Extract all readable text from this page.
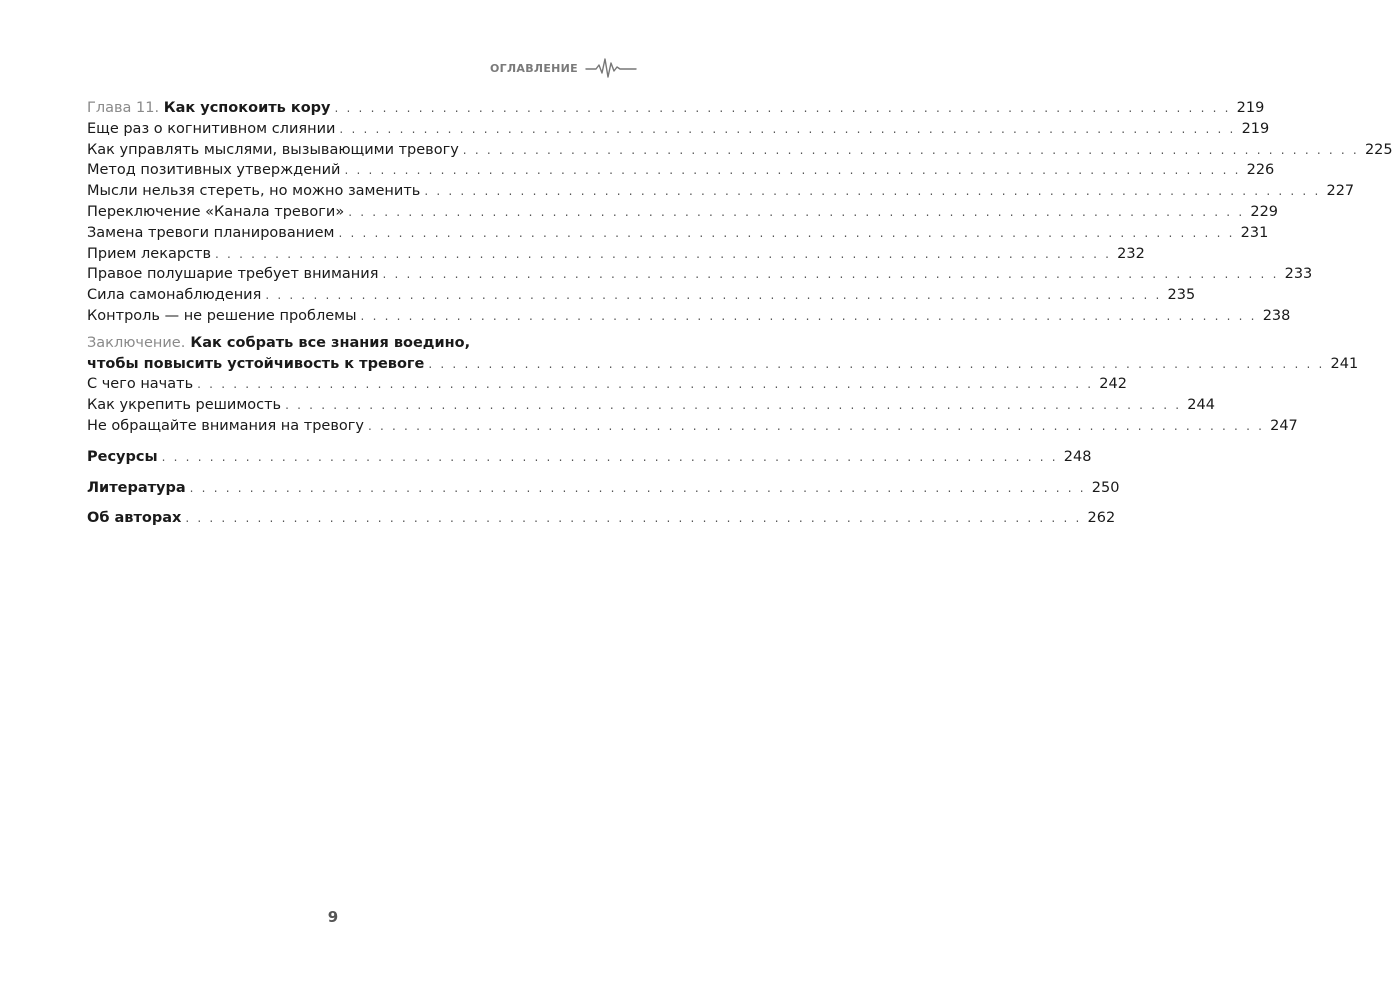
ОГЛАВЛЕНИЕ
Глава 11. Как успокоить кору . . . . . . . . . . . . . . . . . . . . . . . . . . . . . . . . . . . . . . . . . . . . . . . . . . . . . . . . . . . . . . . . . . . . . . . . . . . 219
Еще раз о когнитивном слиянии . . . . . . . . . . . . . . . . . . . . . . . . . . . . . . . . . . . . . . . . . . . . . . . . . . . . . . . . . . . . . . . . . . . . . . . . . . . 219
Как управлять мыслями, вызывающими тревогу . . . . . . . . . . . . . . . . . . . . . . . . . . . . . . . . . . . . . . . . . . . . . . . . . . . . . . . . . . . . . . . . . . . . . . . . . . . 225
Метод позитивных утверждений . . . . . . . . . . . . . . . . . . . . . . . . . . . . . . . . . . . . . . . . . . . . . . . . . . . . . . . . . . . . . . . . . . . . . . . . . . . 226
Мысли нельзя стереть, но можно заменить . . . . . . . . . . . . . . . . . . . . . . . . . . . . . . . . . . . . . . . . . . . . . . . . . . . . . . . . . . . . . . . . . . . . . . . . . . . 227
Переключение «Канала тревоги» . . . . . . . . . . . . . . . . . . . . . . . . . . . . . . . . . . . . . . . . . . . . . . . . . . . . . . . . . . . . . . . . . . . . . . . . . . . 229
Замена тревоги планированием . . . . . . . . . . . . . . . . . . . . . . . . . . . . . . . . . . . . . . . . . . . . . . . . . . . . . . . . . . . . . . . . . . . . . . . . . . . 231
Прием лекарств . . . . . . . . . . . . . . . . . . . . . . . . . . . . . . . . . . . . . . . . . . . . . . . . . . . . . . . . . . . . . . . . . . . . . . . . . . . 232
Правое полушарие требует внимания . . . . . . . . . . . . . . . . . . . . . . . . . . . . . . . . . . . . . . . . . . . . . . . . . . . . . . . . . . . . . . . . . . . . . . . . . . . 233
Сила самонаблюдения . . . . . . . . . . . . . . . . . . . . . . . . . . . . . . . . . . . . . . . . . . . . . . . . . . . . . . . . . . . . . . . . . . . . . . . . . . . 235
Контроль — не решение проблемы . . . . . . . . . . . . . . . . . . . . . . . . . . . . . . . . . . . . . . . . . . . . . . . . . . . . . . . . . . . . . . . . . . . . . . . . . . . 238
Заключение. Как собрать все знания воедино,
чтобы повысить устойчивость к тревоге . . . . . . . . . . . . . . . . . . . . . . . . . . . . . . . . . . . . . . . . . . . . . . . . . . . . . . . . . . . . . . . . . . . . . . . . . . . 241
С чего начать . . . . . . . . . . . . . . . . . . . . . . . . . . . . . . . . . . . . . . . . . . . . . . . . . . . . . . . . . . . . . . . . . . . . . . . . . . . 242
Как укрепить решимость . . . . . . . . . . . . . . . . . . . . . . . . . . . . . . . . . . . . . . . . . . . . . . . . . . . . . . . . . . . . . . . . . . . . . . . . . . . 244
Не обращайте внимания на тревогу . . . . . . . . . . . . . . . . . . . . . . . . . . . . . . . . . . . . . . . . . . . . . . . . . . . . . . . . . . . . . . . . . . . . . . . . . . . 247
Ресурсы . . . . . . . . . . . . . . . . . . . . . . . . . . . . . . . . . . . . . . . . . . . . . . . . . . . . . . . . . . . . . . . . . . . . . . . . . . . 248
Литература . . . . . . . . . . . . . . . . . . . . . . . . . . . . . . . . . . . . . . . . . . . . . . . . . . . . . . . . . . . . . . . . . . . . . . . . . . . 250
Об авторах . . . . . . . . . . . . . . . . . . . . . . . . . . . . . . . . . . . . . . . . . . . . . . . . . . . . . . . . . . . . . . . . . . . . . . . . . . . 262
9
